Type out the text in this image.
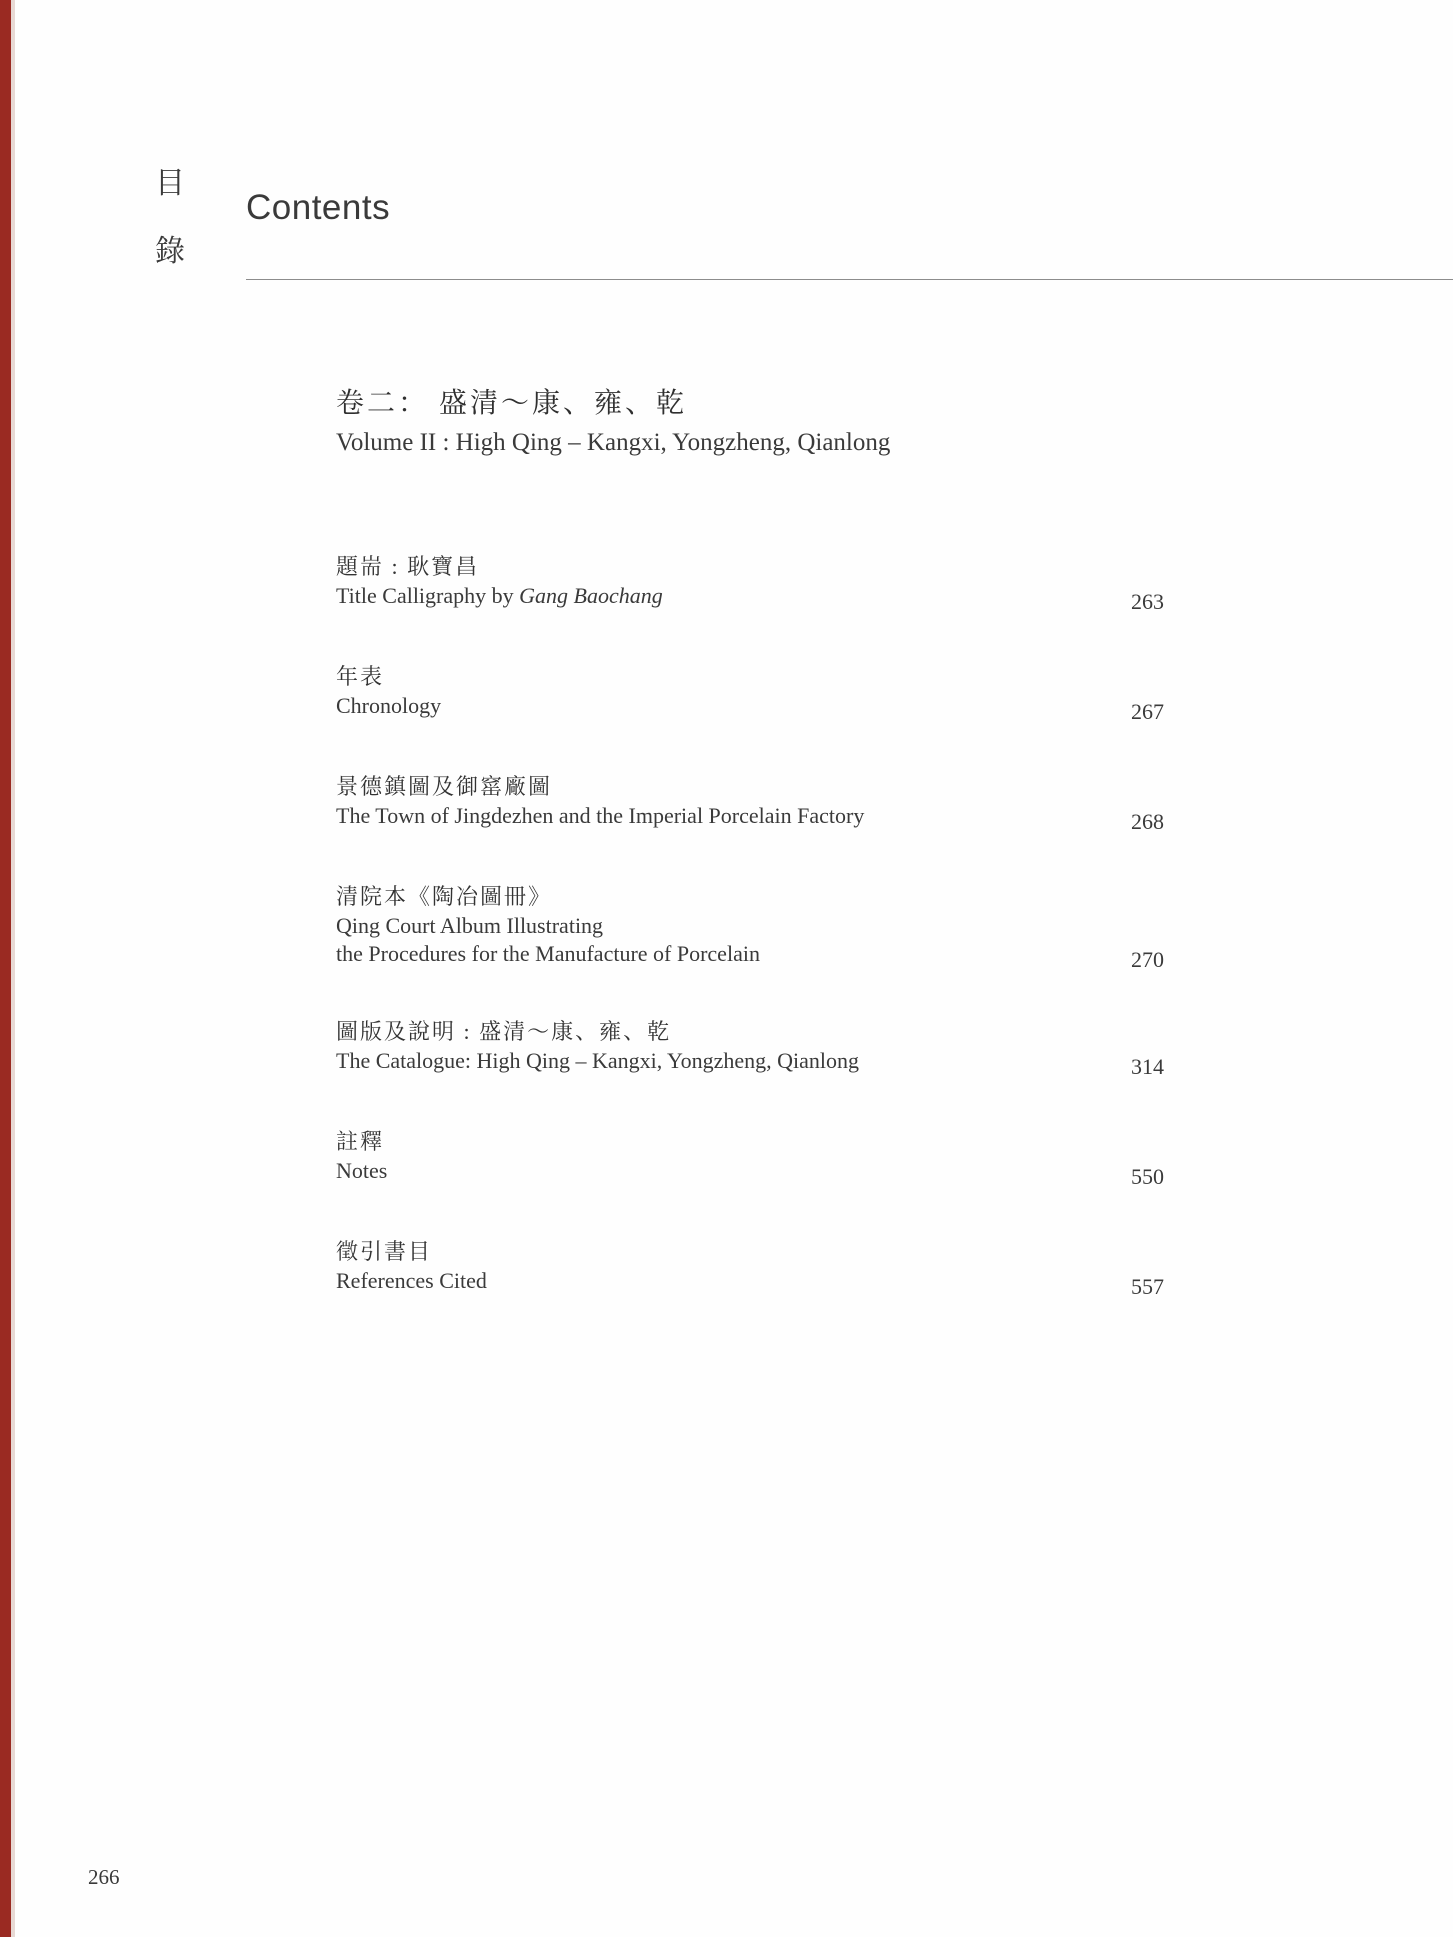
目
錄
Contents
卷二： 盛清～康、雍、乾
Volume II : High Qing – Kangxi, Yongzheng, Qianlong
題耑 : 耿寶昌
Title Calligraphy by Gang Baochang	263
年表
Chronology	267
景德鎮圖及御窰廠圖
The Town of Jingdezhen and the Imperial Porcelain Factory	268
清院本《陶冶圖冊》
Qing Court Album Illustrating
the Procedures for the Manufacture of Porcelain	270
圖版及說明 : 盛清～康、雍、乾
The Catalogue: High Qing – Kangxi, Yongzheng, Qianlong	314
註釋
Notes	550
徵引書目
References Cited	557
266
